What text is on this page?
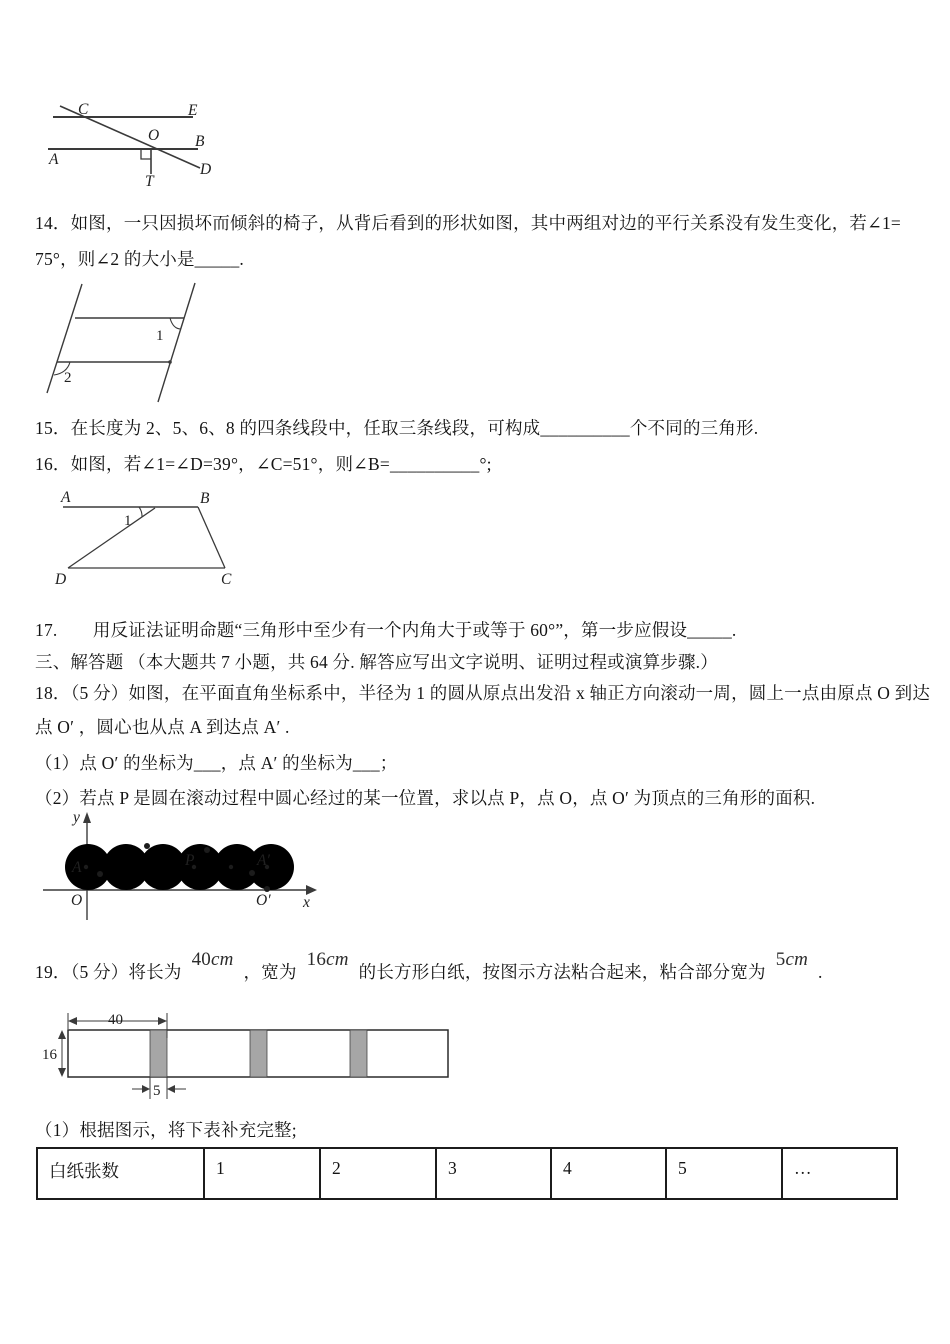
C	E
O B
A
T
D
14．如图，一只因损坏而倾斜的椅子，从背后看到的形状如图，其中两组对边的平行关系没有发生变化，若∠1=
75°，则∠2 的大小是_____.
1
2
15．在长度为 2、5、6、8 的四条线段中，任取三条线段，可构成__________个不同的三角形.
16．如图，若∠1=∠D=39°，∠C=51°，则∠B=__________°;
A	B
C
D
1
17.　　用反证法证明命题“三角形中至少有一个内角大于或等于 60°”，第一步应假设_____.
三、解答题 （本大题共 7 小题，共 64 分. 解答应写出文字说明、证明过程或演算步骤.）
18．（5 分）如图，在平面直角坐标系中，半径为 1 的圆从原点出发沿 x 轴正方向滚动一周，圆上一点由原点 O 到达
点 O′ ，圆心也从点 A 到达点 A′ .
（1）点 O′ 的坐标为___，点 A′ 的坐标为___；
（2）若点 P 是圆在滚动过程中圆心经过的某一位置，求以点 P，点 O，点 O′ 为顶点的三角形的面积.
y
x
O
A	P	A′
O′
19．（5 分）将长为40cm，宽为16cm的长方形白纸，按图示方法粘合起来，粘合部分宽为5cm.
40
16
5
（1）根据图示，将下表补充完整;
白纸张数	1	2	3	4	5	…
